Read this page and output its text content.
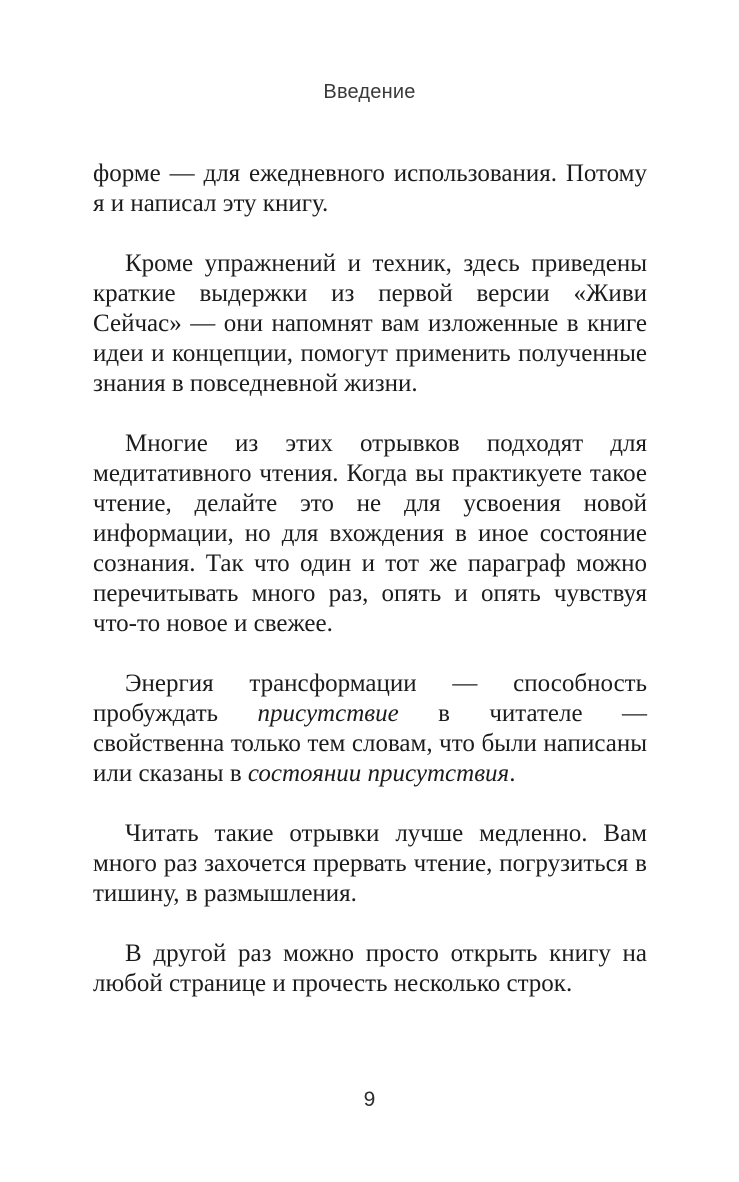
Введение

форме — для ежедневного использования. Потому я и написал эту книгу.

Кроме упражнений и техник, здесь приведены краткие выдержки из первой версии «Живи Сейчас» — они напомнят вам изложенные в книге идеи и концепции, помогут применить полученные знания в повседневной жизни.

Многие из этих отрывков подходят для медитативного чтения. Когда вы практикуете такое чтение, делайте это не для усвоения новой информации, но для вхождения в иное состояние сознания. Так что один и тот же параграф можно перечитывать много раз, опять и опять чувствуя что-то новое и свежее.

Энергия трансформации — способность пробуждать присутствие в читателе — свойственна только тем словам, что были написаны или сказаны в состоянии присутствия.

Читать такие отрывки лучше медленно. Вам много раз захочется прервать чтение, погрузиться в тишину, в размышления.

В другой раз можно просто открыть книгу на любой странице и прочесть несколько строк.

9
